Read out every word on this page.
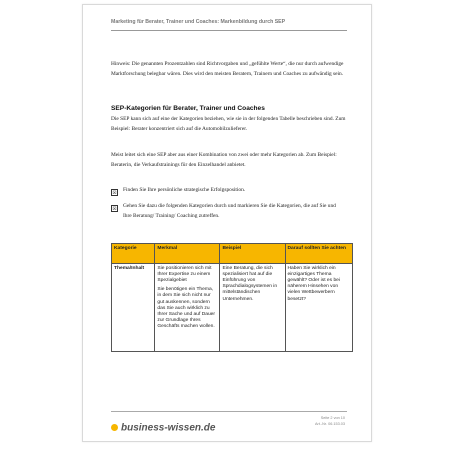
Marketing für Berater, Trainer und Coaches: Markenbildung durch SEP
Hinweis: Die genannten Prozentzahlen sind Richtvorgaben und „gefühlte Werte“, die nur durch aufwendige Marktforschung belegbar wären. Dies wird den meisten Beratern, Trainern und Coaches zu aufwändig sein.
SEP-Kategorien für Berater, Trainer und Coaches
Die SEP kann sich auf eine der Kategorien beziehen, wie sie in der folgenden Tabelle beschrieben sind. Zum Beispiel: Berater konzentriert sich auf die Automobilzulieferer.
Meist leitet sich eine SEP aber aus einer Kombination von zwei oder mehr Kategorien ab. Zum Beispiel: Beraterin, die Verkaufstrainings für den Einzelhandel anbietet.
☒ Finden Sie Ihre persönliche strategische Erfolgsposition.
☒ Gehen Sie dazu die folgenden Kategorien durch und markieren Sie die Kategorien, die auf Sie und Ihre Beratung/ Training/ Coaching zutreffen.
Kategorie	Merkmal	Beispiel	Darauf sollten Sie achten
Thema/Inhalt	Sie positionieren sich mit Ihrer Expertise zu einem Spezialgebiet

Sie benötigen ein Thema, in dem Sie sich nicht nur gut auskennen, sondern das Sie auch wirklich zu Ihrer Sache und auf Dauer zur Grundlage Ihres Geschäfts machen wollen.	Eine Beratung, die sich spezialisiert hat auf die Einführung von Sprachdialogsystemen in mittelständischen Unternehmen.	Haben Sie wirklich ein einzigartiges Thema gewählt? Oder ist es bei näherem Hinsehen von vielen Wettbewerbern besetzt?
business-wissen.de
Seite 2 von 10
Art.-Nr. 06.153.03
